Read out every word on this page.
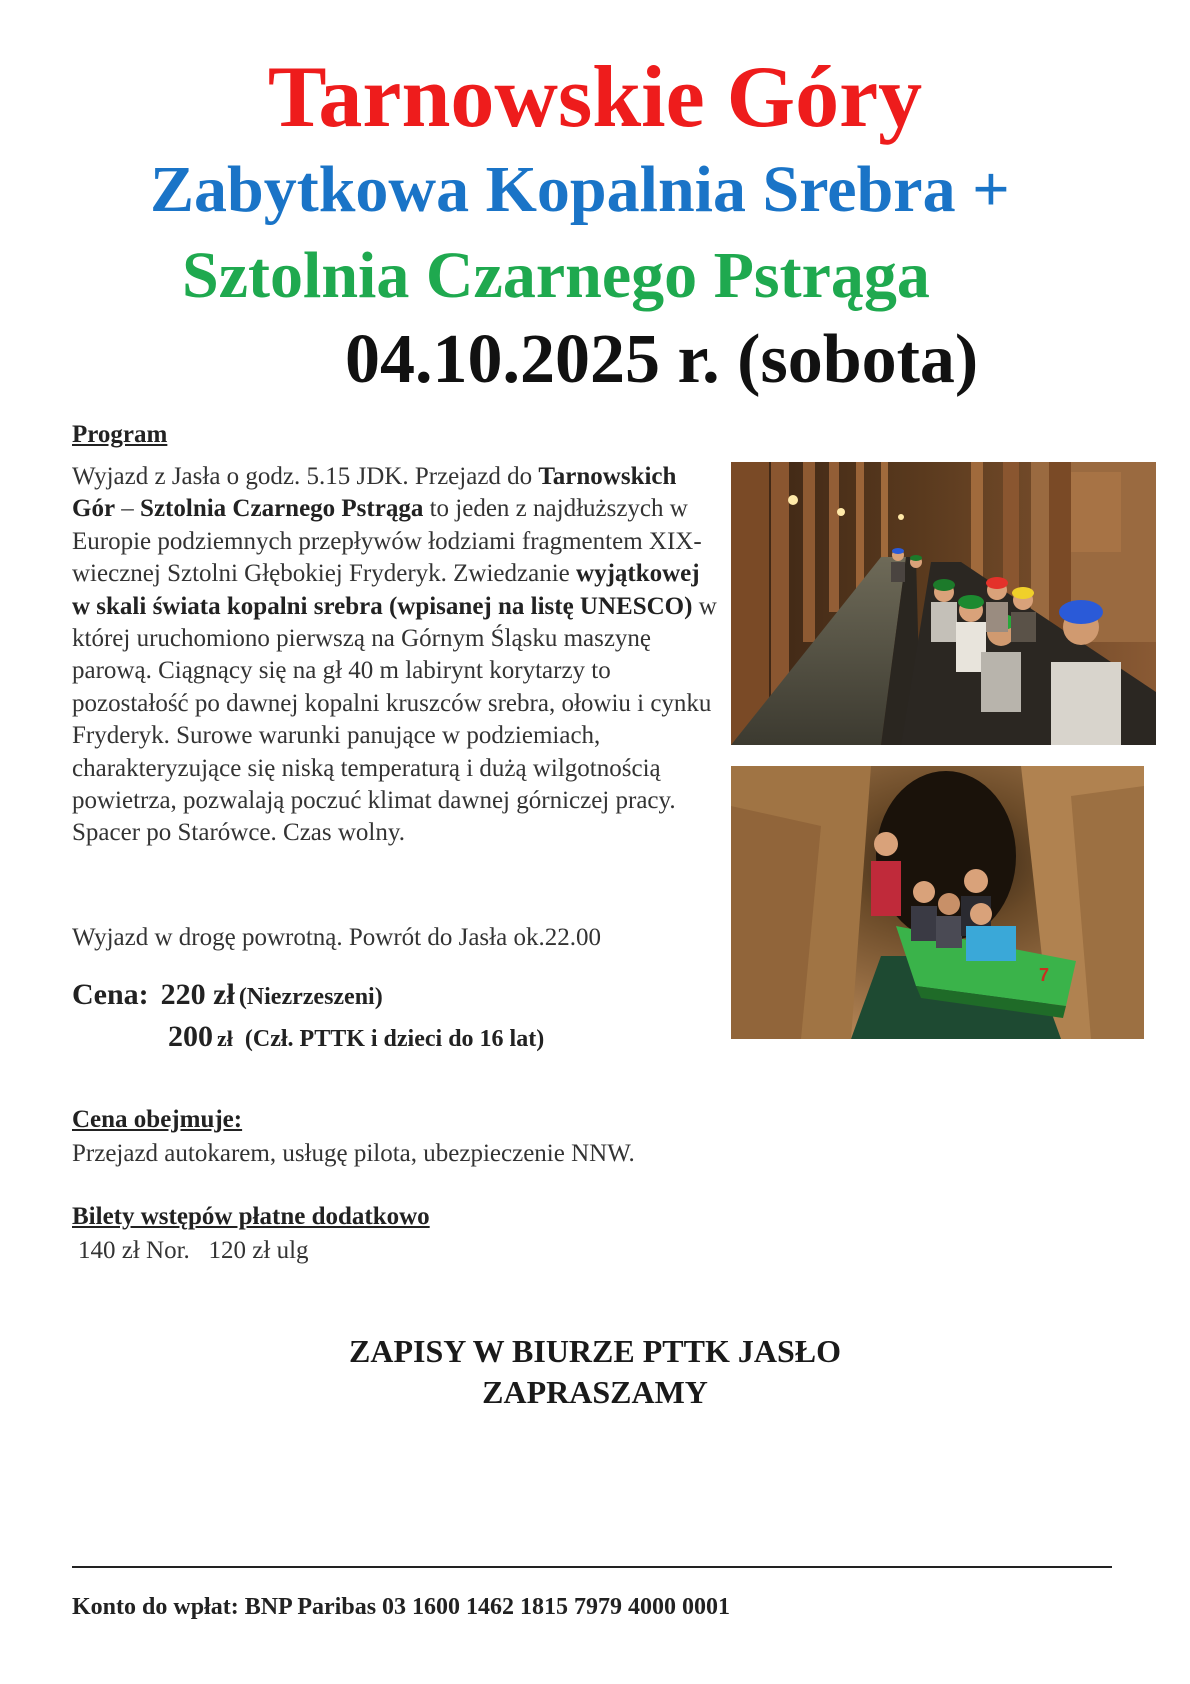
Tarnowskie Góry
Zabytkowa Kopalnia Srebra +
Sztolnia Czarnego Pstrąga
04.10.2025 r. (sobota)
Program
Wyjazd z Jasła o godz. 5.15 JDK. Przejazd do Tarnowskich Gór – Sztolnia Czarnego Pstrąga to jeden z najdłuższych w Europie podziemnych przepływów łodziami fragmentem XIX-wiecznej Sztolni Głębokiej Fryderyk. Zwiedzanie wyjątkowej w skali świata kopalni srebra (wpisanej na listę UNESCO) w której uruchomiono pierwszą na Górnym Śląsku maszynę parową. Ciągnący się na gł 40 m labirynt korytarzy to pozostałość po dawnej kopalni kruszców srebra, ołowiu i cynku Fryderyk. Surowe warunki panujące w podziemiach, charakteryzujące się niską temperaturą i dużą wilgotnością powietrza, pozwalają poczuć klimat dawnej górniczej pracy. Spacer po Starówce. Czas wolny.
Wyjazd w drogę powrotną. Powrót do Jasła ok.22.00
Cena: 220 zł (Niezrzeszeni)
200 zł (Czł. PTTK i dzieci do 16 lat)
Cena obejmuje:
Przejazd autokarem, usługę pilota, ubezpieczenie NNW.
Bilety wstępów płatne dodatkowo
140 zł Nor.   120 zł ulg
ZAPISY W BIURZE PTTK JASŁO
ZAPRASZAMY
Konto do wpłat: BNP Paribas 03 1600 1462 1815 7979 4000 0001
7
